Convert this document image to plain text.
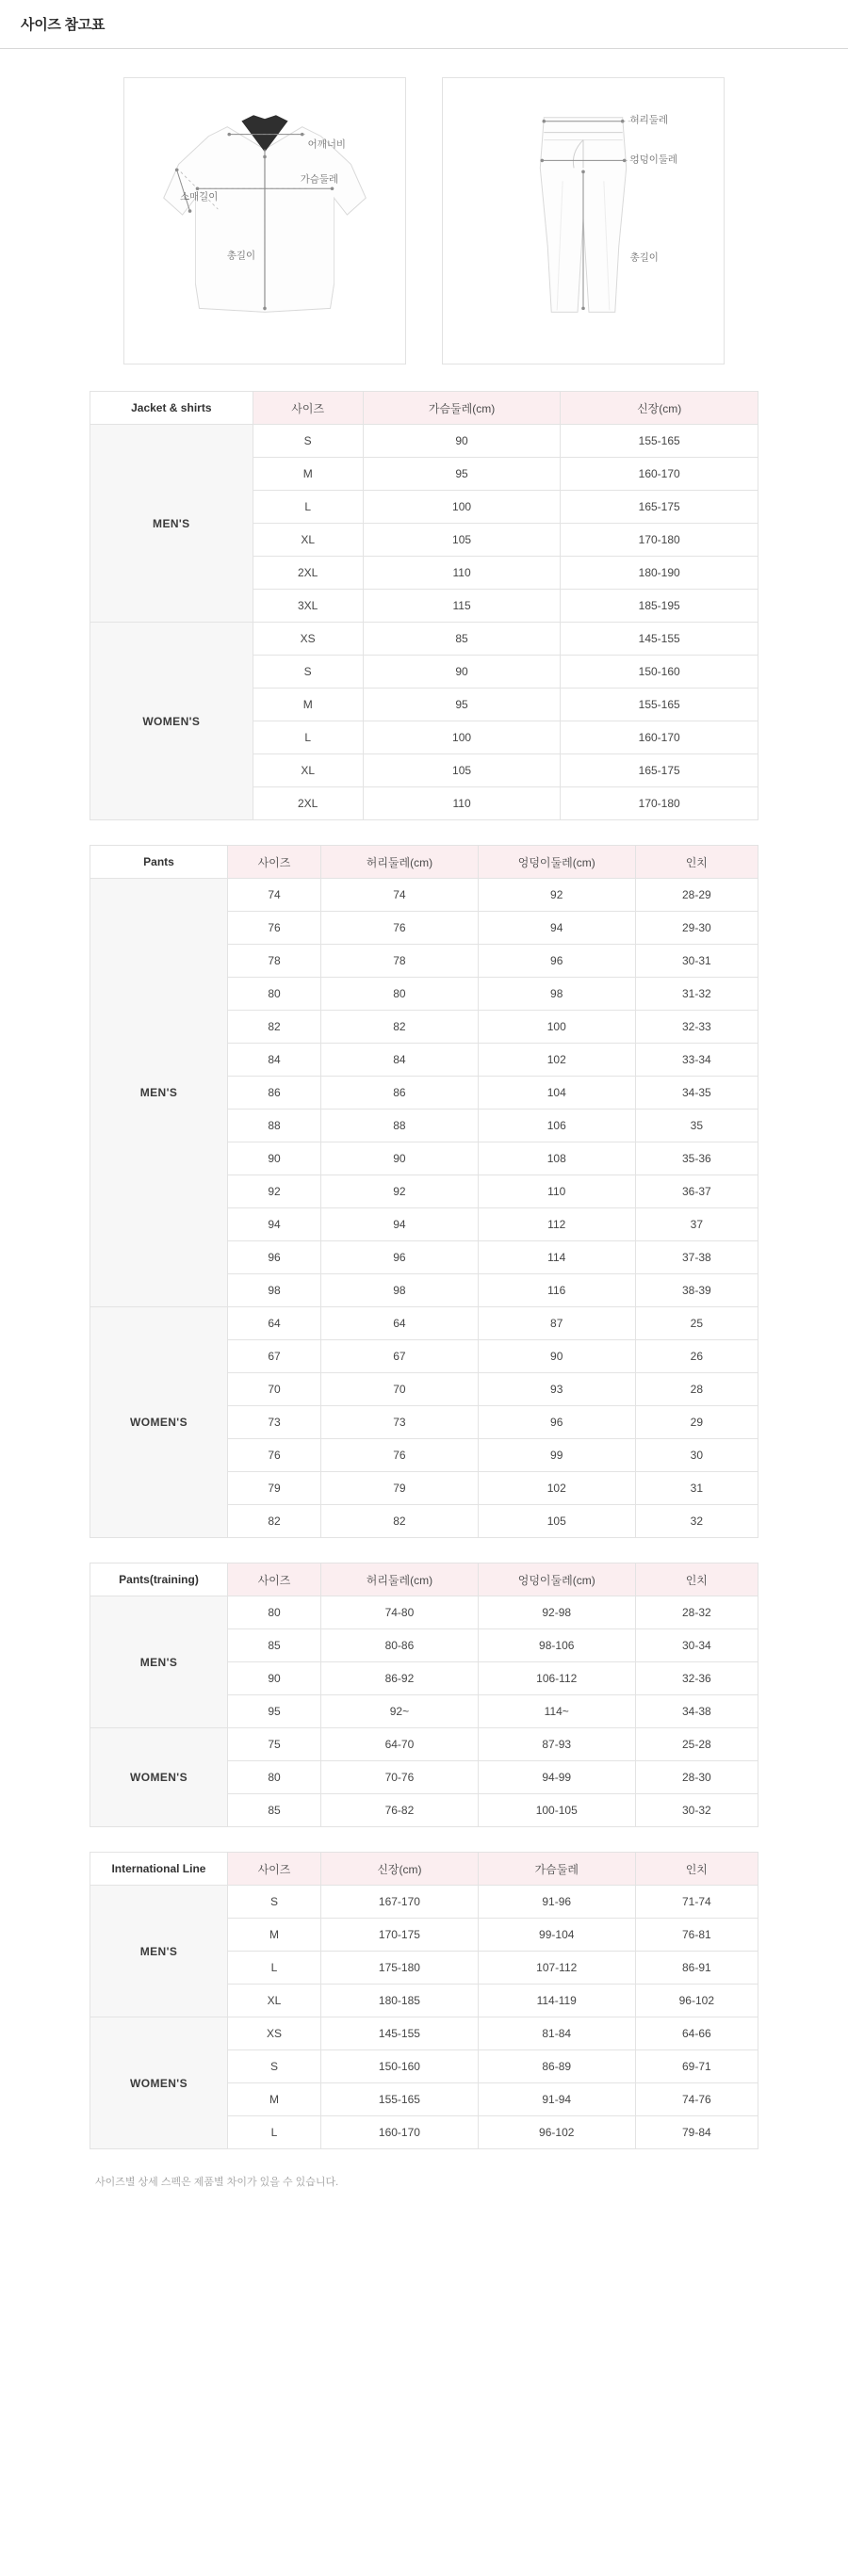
사이즈 참고표
어깨너비
가슴둘레
소매길이
총길이
허리둘레
엉덩이둘레
총길이
Jacket & shirts	사이즈	가슴둘레(cm)	신장(cm)
MEN'S	S	90	155-165
	M	95	160-170
	L	100	165-175
	XL	105	170-180
	2XL	110	180-190
	3XL	115	185-195
WOMEN'S	XS	85	145-155
	S	90	150-160
	M	95	155-165
	L	100	160-170
	XL	105	165-175
	2XL	110	170-180
Pants	사이즈	허리둘레(cm)	엉덩이둘레(cm)	인치
MEN'S	74	74	92	28-29
	76	76	94	29-30
	78	78	96	30-31
	80	80	98	31-32
	82	82	100	32-33
	84	84	102	33-34
	86	86	104	34-35
	88	88	106	35
	90	90	108	35-36
	92	92	110	36-37
	94	94	112	37
	96	96	114	37-38
	98	98	116	38-39
WOMEN'S	64	64	87	25
	67	67	90	26
	70	70	93	28
	73	73	96	29
	76	76	99	30
	79	79	102	31
	82	82	105	32
Pants(training)	사이즈	허리둘레(cm)	엉덩이둘레(cm)	인치
MEN'S	80	74-80	92-98	28-32
	85	80-86	98-106	30-34
	90	86-92	106-112	32-36
	95	92~	114~	34-38
WOMEN'S	75	64-70	87-93	25-28
	80	70-76	94-99	28-30
	85	76-82	100-105	30-32
International Line	사이즈	신장(cm)	가슴둘레	인치
MEN'S	S	167-170	91-96	71-74
	M	170-175	99-104	76-81
	L	175-180	107-112	86-91
	XL	180-185	114-119	96-102
WOMEN'S	XS	145-155	81-84	64-66
	S	150-160	86-89	69-71
	M	155-165	91-94	74-76
	L	160-170	96-102	79-84
사이즈별 상세 스펙은 제품별 차이가 있을 수 있습니다.
